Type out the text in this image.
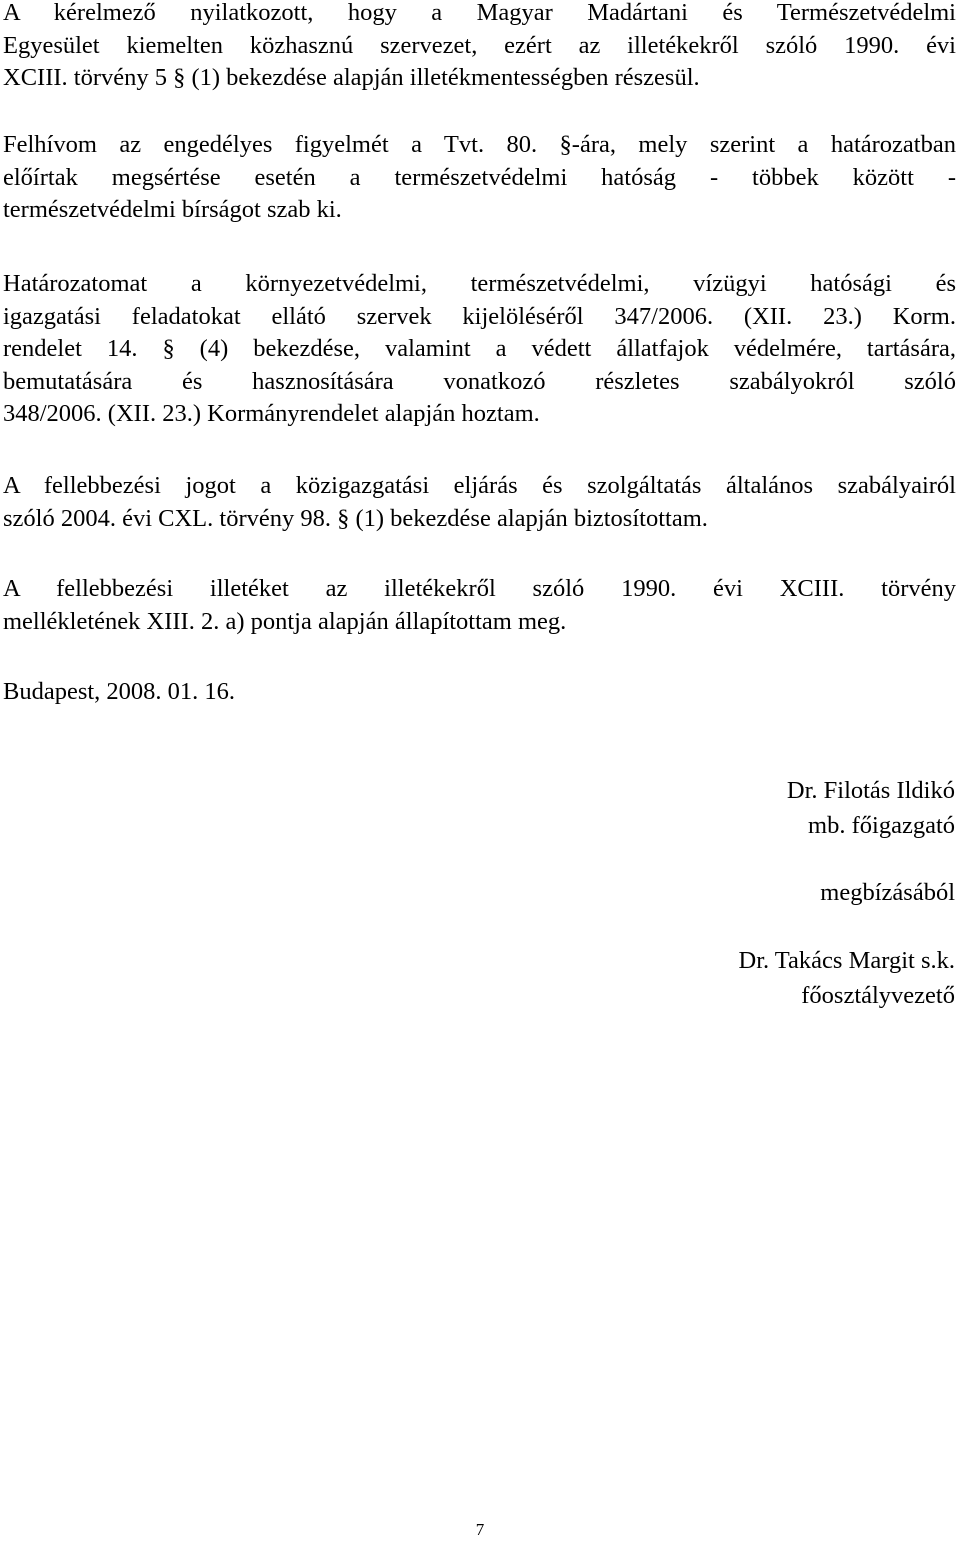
A kérelmező nyilatkozott, hogy a Magyar Madártani és Természetvédelmi
Egyesület kiemelten közhasznú szervezet, ezért az illetékekről szóló 1990. évi
XCIII. törvény 5 § (1) bekezdése alapján illetékmentességben részesül.
Felhívom az engedélyes figyelmét a Tvt. 80. §-ára, mely szerint a határozatban
előírtak megsértése esetén a természetvédelmi hatóság - többek között -
természetvédelmi bírságot szab ki.
Határozatomat a környezetvédelmi, természetvédelmi, vízügyi hatósági és
igazgatási feladatokat ellátó szervek kijelöléséről 347/2006. (XII. 23.) Korm.
rendelet 14. § (4) bekezdése, valamint a védett állatfajok védelmére, tartására,
bemutatására és hasznosítására vonatkozó részletes szabályokról szóló
348/2006. (XII. 23.) Kormányrendelet alapján hoztam.
A fellebbezési jogot a közigazgatási eljárás és szolgáltatás általános szabályairól
szóló 2004. évi CXL. törvény 98. § (1) bekezdése alapján biztosítottam.
A fellebbezési illetéket az illetékekről szóló 1990. évi XCIII. törvény
mellékletének XIII. 2. a) pontja alapján állapítottam meg.
Budapest, 2008. 01. 16.
Dr. Filotás Ildikó
mb. főigazgató
megbízásából
Dr. Takács Margit s.k.
főosztályvezető
7
